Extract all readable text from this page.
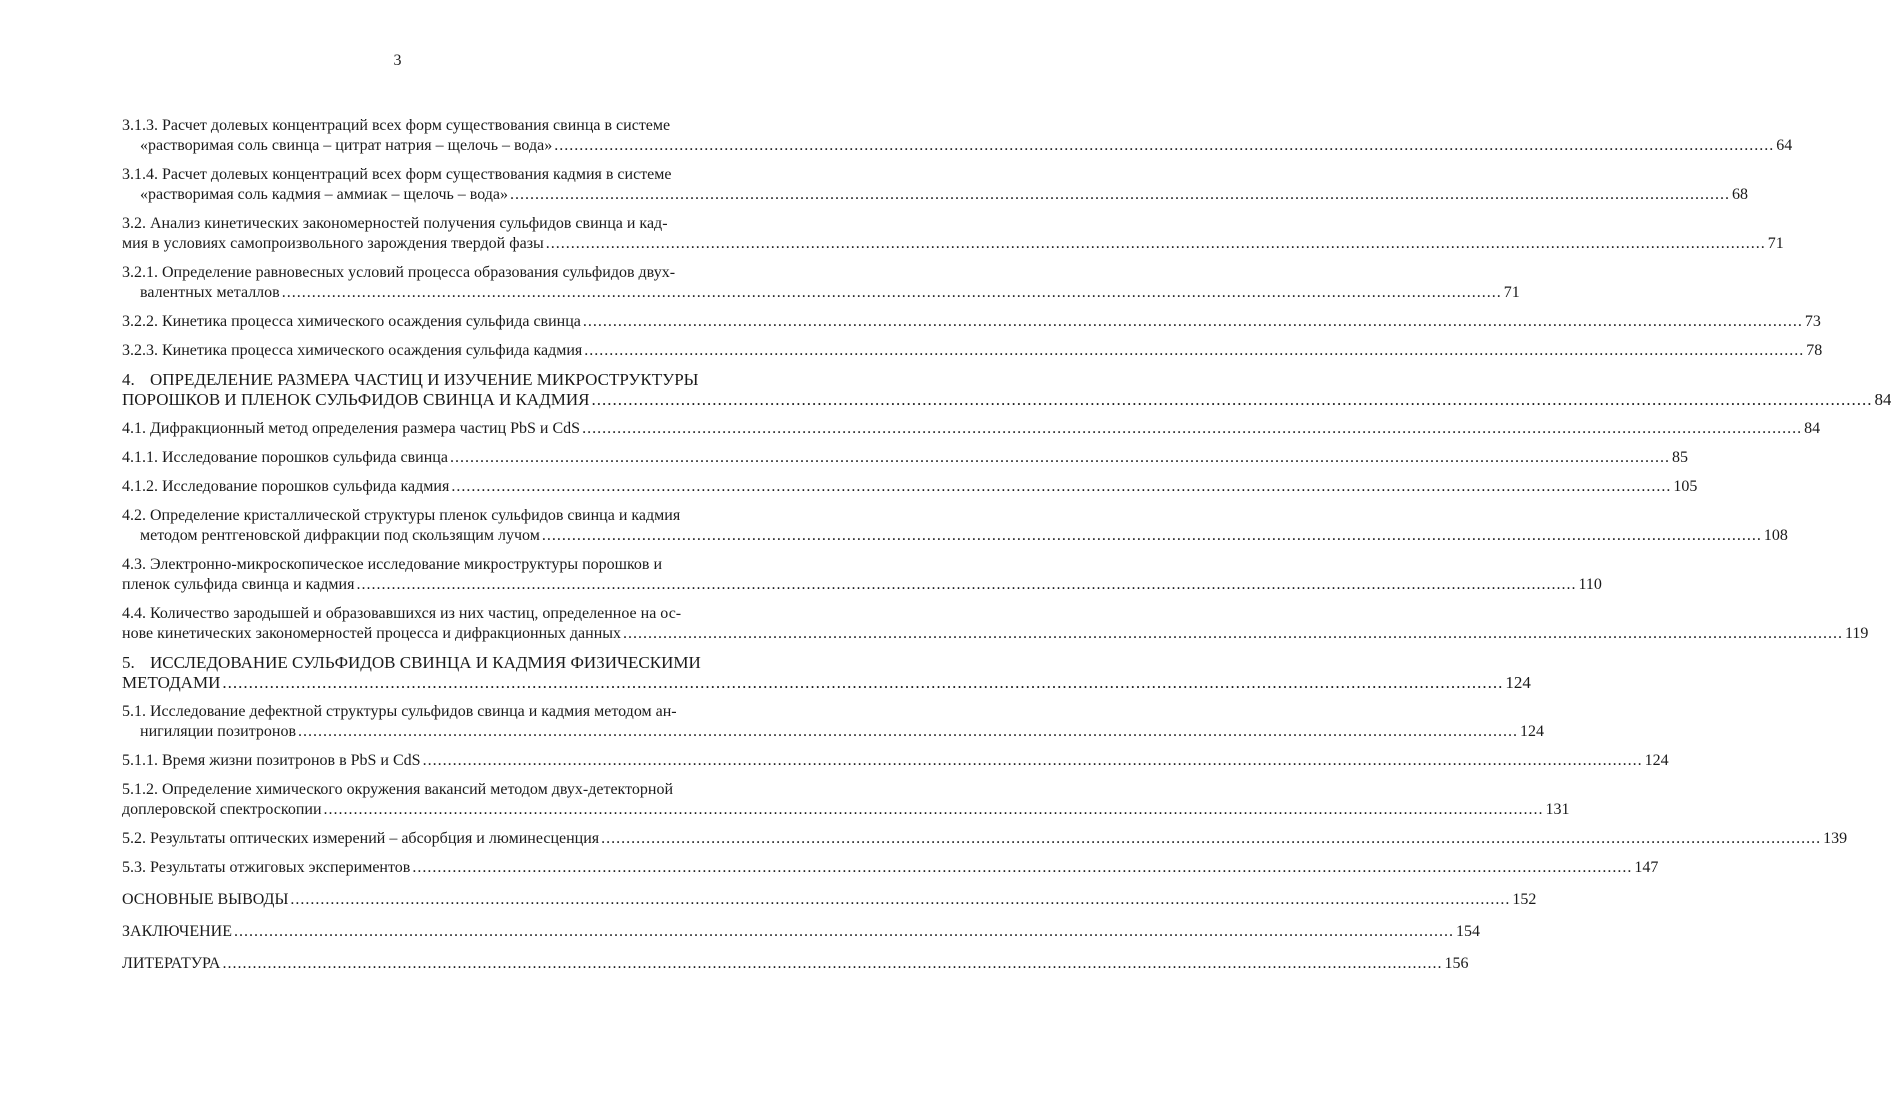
3
3.1.3. Расчет долевых концентраций всех форм существования свинца в системе
«растворимая соль свинца – цитрат натрия – щелочь – вода» .....	64
3.1.4. Расчет долевых концентраций всех форм существования кадмия в системе
«растворимая соль кадмия – аммиак – щелочь – вода» .....	68
3.2. Анализ кинетических закономерностей получения сульфидов свинца и кад-
мия в условиях самопроизвольного зарождения твердой фазы .....	71
3.2.1. Определение равновесных условий процесса образования сульфидов двух-
валентных металлов .....	71
3.2.2. Кинетика процесса химического осаждения сульфида свинца .....	73
3.2.3. Кинетика процесса химического осаждения сульфида кадмия .....	78
4. ОПРЕДЕЛЕНИЕ РАЗМЕРА ЧАСТИЦ И ИЗУЧЕНИЕ МИКРОСТРУКТУРЫ
ПОРОШКОВ И ПЛЕНОК СУЛЬФИДОВ СВИНЦА И КАДМИЯ .....	84
4.1. Дифракционный метод определения размера частиц PbS и CdS .....	84
4.1.1. Исследование порошков сульфида свинца .....	85
4.1.2. Исследование порошков сульфида кадмия .....	105
4.2. Определение кристаллической структуры пленок сульфидов свинца и кадмия
методом рентгеновской дифракции под скользящим лучом .....	108
4.3. Электронно-микроскопическое исследование микроструктуры порошков и
пленок сульфида свинца и кадмия .....	110
4.4. Количество зародышей и образовавшихся из них частиц, определенное на ос-
нове кинетических закономерностей процесса и дифракционных данных .....	119
5. ИССЛЕДОВАНИЕ СУЛЬФИДОВ СВИНЦА И КАДМИЯ ФИЗИЧЕСКИМИ
МЕТОДАМИ .....	124
5.1. Исследование дефектной структуры сульфидов свинца и кадмия методом ан-
нигиляции позитронов .....	124
5.1.1. Время жизни позитронов в PbS и CdS .....	124
5.1.2. Определение химического окружения вакансий методом двух-детекторной
доплеровской спектроскопии .....	131
5.2. Результаты оптических измерений – абсорбция и люминесценция .....	139
5.3. Результаты отжиговых экспериментов .....	147
ОСНОВНЫЕ ВЫВОДЫ .....	152
ЗАКЛЮЧЕНИЕ .....	154
ЛИТЕРАТУРА .....	156
